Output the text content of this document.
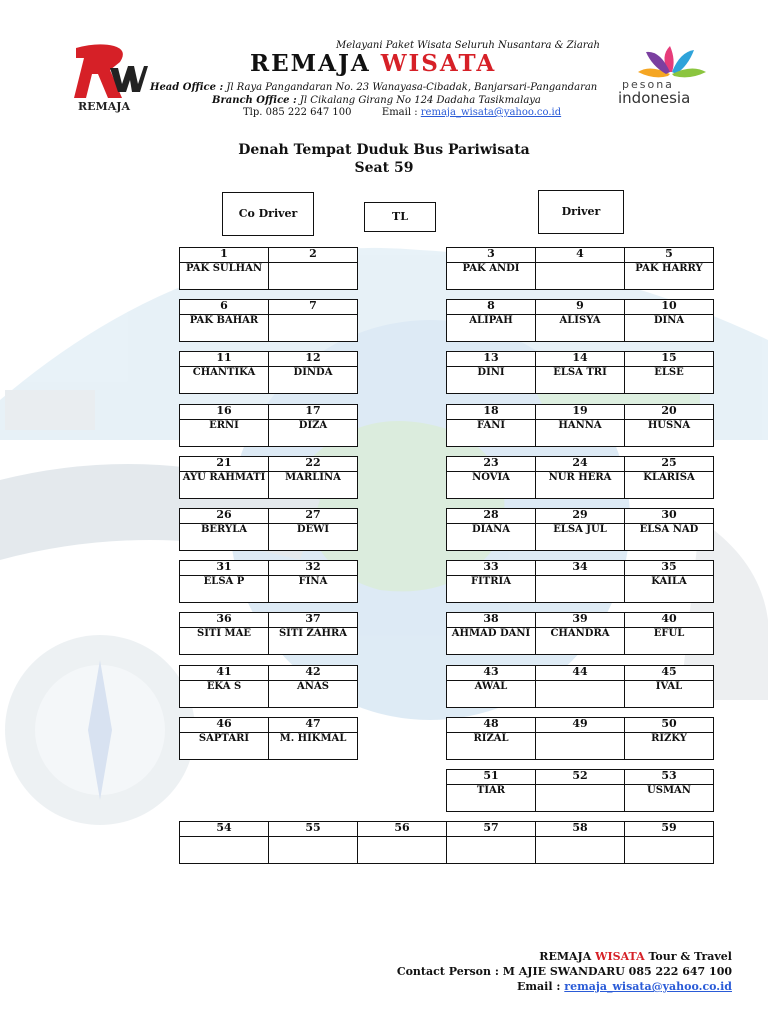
REMAJA
Melayani Paket Wisata Seluruh Nusantara & Ziarah
REMAJA WISATA
Head Office : Jl Raya Pangandaran No. 23 Wanayasa-Cibadak, Banjarsari-Pangandaran
Branch Office : Jl Cikalang Girang No 124 Dadaha Tasikmalaya
Tlp. 085 222 647 100	Email : remaja_wisata@yahoo.co.id
pesona
indonesia
Denah Tempat Duduk Bus Pariwisata
Seat 59
Co Driver	TL	Driver
1	2
PAK SULHAN	
6	7
PAK BAHAR	
11	12
CHANTIKA	DINDA
16	17
ERNI	DIZA
21	22
AYU RAHMATI	MARLINA
26	27
BERYLA	DEWI
31	32
ELSA P	FINA
36	37
SITI MAE	SITI ZAHRA
41	42
EKA S	ANAS
46	47
SAPTARI	M. HIKMAL
3	4	5
PAK ANDI		PAK HARRY
8	9	10
ALIPAH	ALISYA	DINA
13	14	15
DINI	ELSA TRI	ELSE
18	19	20
FANI	HANNA	HUSNA
23	24	25
NOVIA	NUR HERA	KLARISA
28	29	30
DIANA	ELSA JUL	ELSA NAD
33	34	35
FITRIA		KAILA
38	39	40
AHMAD DANI	CHANDRA	EFUL
43	44	45
AWAL		IVAL
48	49	50
RIZAL		RIZKY
51	52	53
TIAR		USMAN
54	55	56	57	58	59

REMAJA WISATA Tour & Travel
Contact Person : M AJIE SWANDARU 085 222 647 100
Email : remaja_wisata@yahoo.co.id
